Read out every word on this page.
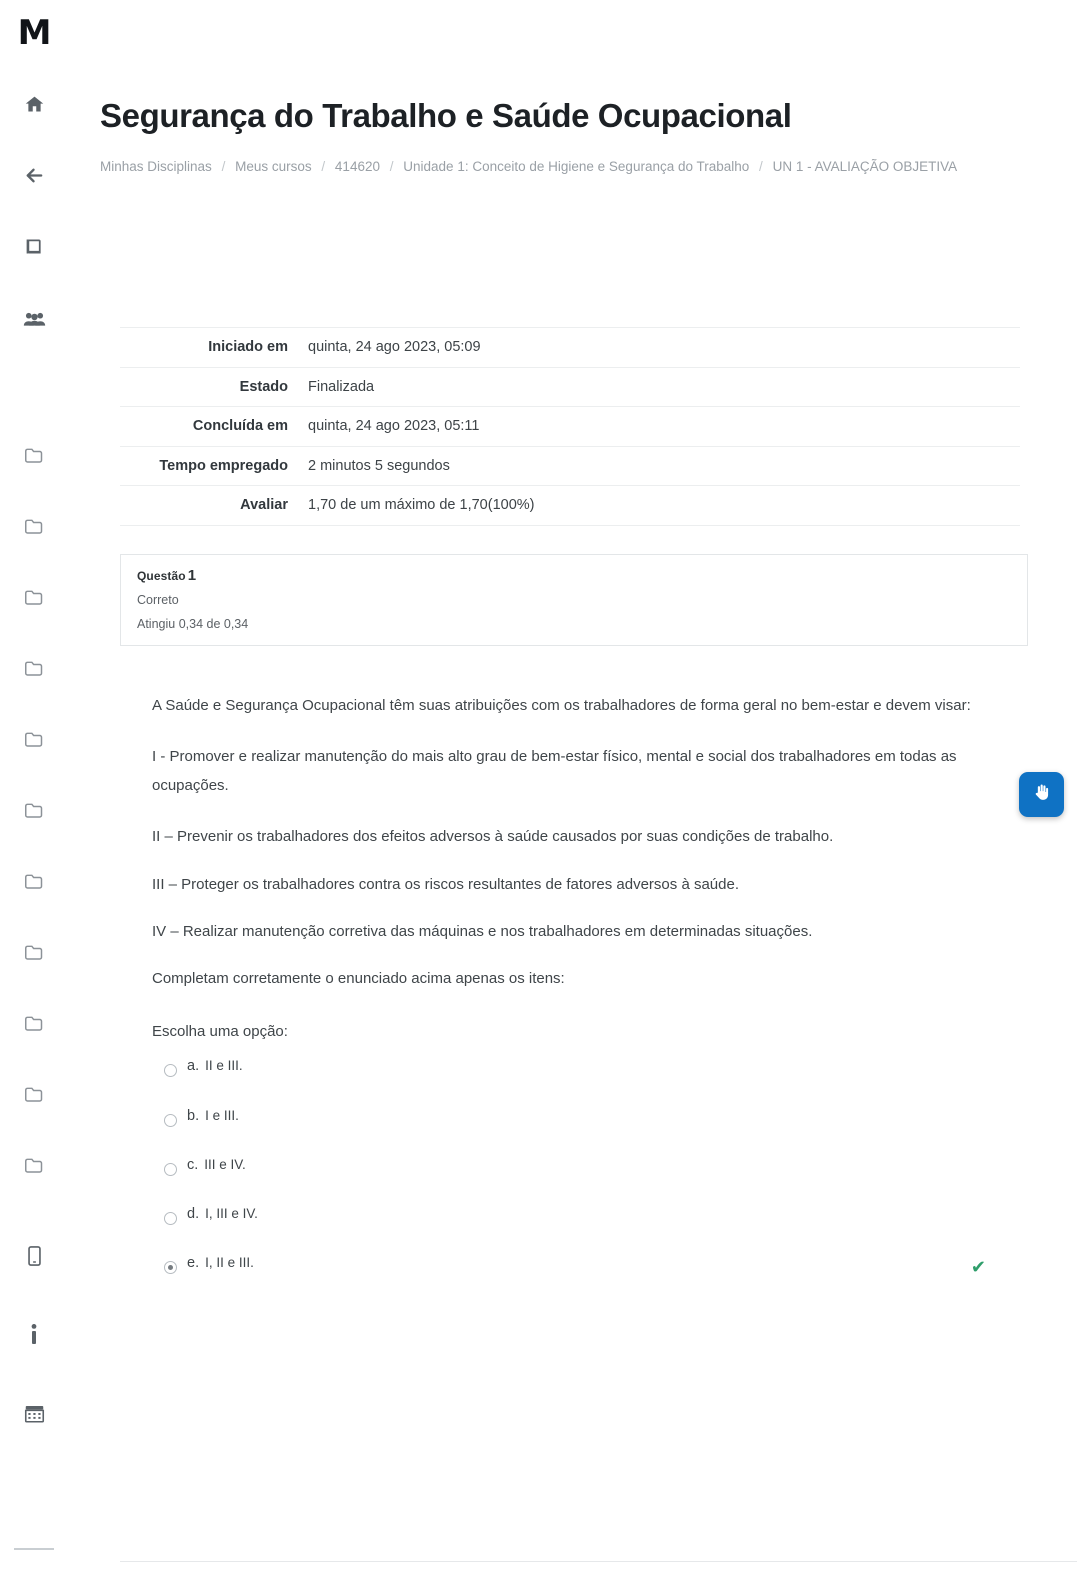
M
Segurança do Trabalho e Saúde Ocupacional
Minhas Disciplinas / Meus cursos / 414620 / Unidade 1: Conceito de Higiene e Segurança do Trabalho / UN 1 - AVALIAÇÃO OBJETIVA
Iniciado em	quinta, 24 ago 2023, 05:09
Estado	Finalizada
Concluída em	quinta, 24 ago 2023, 05:11
Tempo empregado	2 minutos 5 segundos
Avaliar	1,70 de um máximo de 1,70(100%)
Questão 1
Correto
Atingiu 0,34 de 0,34

A Saúde e Segurança Ocupacional têm suas atribuições com os trabalhadores de forma geral no bem-estar e devem visar:

I - Promover e realizar manutenção do mais alto grau de bem-estar físico, mental e social dos trabalhadores em todas as ocupações.

II – Prevenir os trabalhadores dos efeitos adversos à saúde causados por suas condições de trabalho.

III – Proteger os trabalhadores contra os riscos resultantes de fatores adversos à saúde.

IV – Realizar manutenção corretiva das máquinas e nos trabalhadores em determinadas situações.

Completam corretamente o enunciado acima apenas os itens:

Escolha uma opção:
a. II e III.
b. I e III.
c. III e IV.
d. I, III e IV.
e. I, II e III.	✔
